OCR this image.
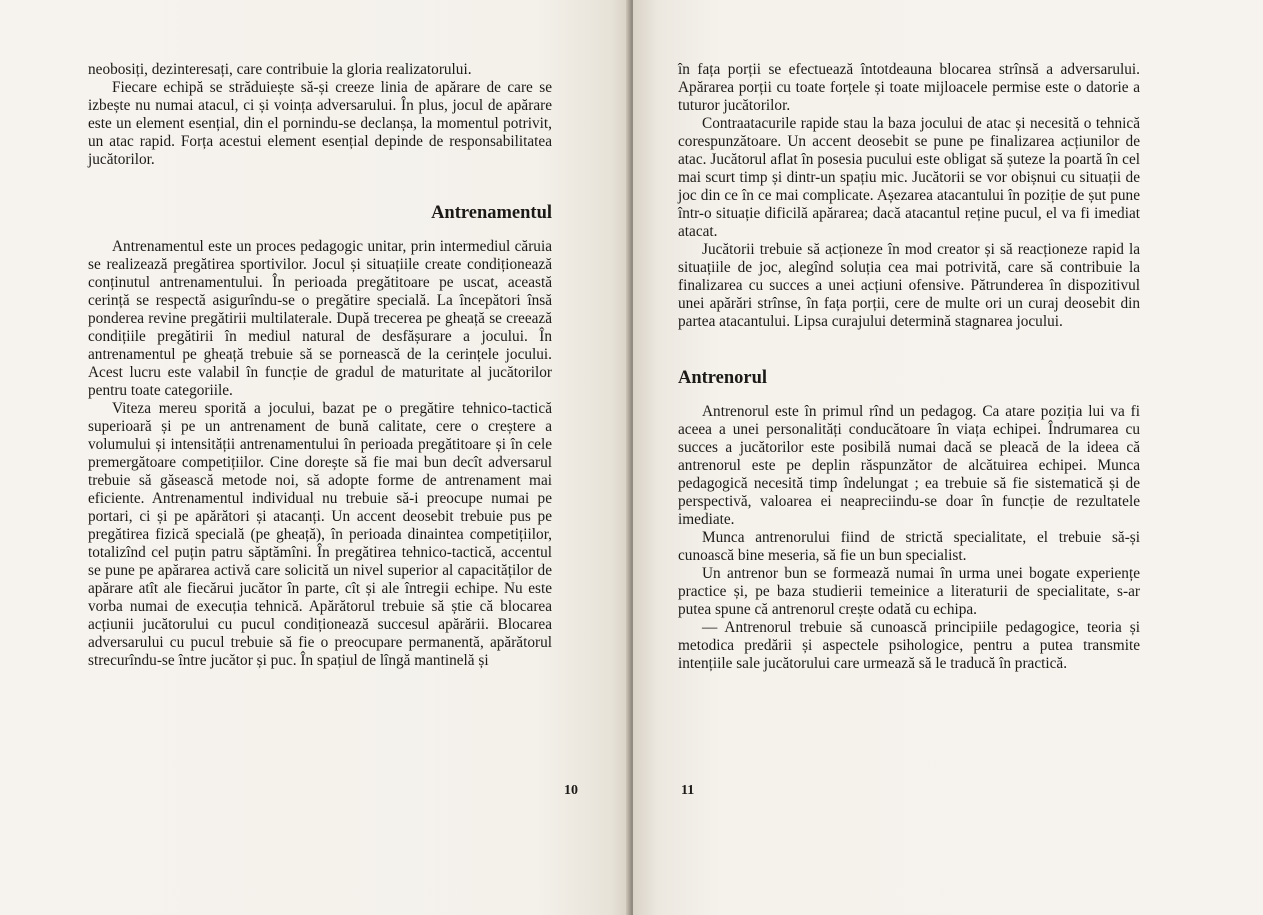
neobosiți, dezinteresați, care contribuie la gloria realizatorului.

Fiecare echipă se străduiește să-și creeze linia de apărare de care se izbește nu numai atacul, ci și voința adversarului. În plus, jocul de apărare este un element esențial, din el pornindu-se declanșa, la momentul potrivit, un atac rapid. Forța acestui element esențial depinde de responsabilitatea jucătorilor.

Antrenamentul

Antrenamentul este un proces pedagogic unitar, prin intermediul căruia se realizează pregătirea sportivilor. Jocul și situațiile create condiționează conținutul antrenamentului. În perioada pregătitoare pe uscat, această cerință se respectă asigurîndu-se o pregătire specială. La începători însă ponderea revine pregătirii multilaterale. După trecerea pe gheață se creează condițiile pregătirii în mediul natural de desfășurare a jocului. În antrenamentul pe gheață trebuie să se pornească de la cerințele jocului. Acest lucru este valabil în funcție de gradul de maturitate al jucătorilor pentru toate categoriile.

Viteza mereu sporită a jocului, bazat pe o pregătire tehnico-tactică superioară și pe un antrenament de bună calitate, cere o creștere a volumului și intensității antrenamentului în perioada pregătitoare și în cele premergătoare competițiilor. Cine dorește să fie mai bun decît adversarul trebuie să găsească metode noi, să adopte forme de antrenament mai eficiente. Antrenamentul individual nu trebuie să-i preocupe numai pe portari, ci și pe apărători și atacanți. Un accent deosebit trebuie pus pe pregătirea fizică specială (pe gheață), în perioada dinaintea competițiilor, totalizînd cel puțin patru săptămîni. În pregătirea tehnico-tactică, accentul se pune pe apărarea activă care solicită un nivel superior al capacităților de apărare atît ale fiecărui jucător în parte, cît și ale întregii echipe. Nu este vorba numai de execuția tehnică. Apărătorul trebuie să știe că blocarea acțiunii jucătorului cu pucul condiționează succesul apărării. Blocarea adversarului cu pucul trebuie să fie o preocupare permanentă, apărătorul strecurîndu-se între jucător și puc. În spațiul de lîngă mantinelă și

10

în fața porții se efectuează întotdeauna blocarea strînsă a adversarului. Apărarea porții cu toate forțele și toate mijloacele permise este o datorie a tuturor jucătorilor.

Contraatacurile rapide stau la baza jocului de atac și necesită o tehnică corespunzătoare. Un accent deosebit se pune pe finalizarea acțiunilor de atac. Jucătorul aflat în posesia pucului este obligat să șuteze la poartă în cel mai scurt timp și dintr-un spațiu mic. Jucătorii se vor obișnui cu situații de joc din ce în ce mai complicate. Așezarea atacantului în poziție de șut pune într-o situație dificilă apărarea; dacă atacantul reține pucul, el va fi imediat atacat.

Jucătorii trebuie să acționeze în mod creator și să reacționeze rapid la situațiile de joc, alegînd soluția cea mai potrivită, care să contribuie la finalizarea cu succes a unei acțiuni ofensive. Pătrunderea în dispozitivul unei apărări strînse, în fața porții, cere de multe ori un curaj deosebit din partea atacantului. Lipsa curajului determină stagnarea jocului.

Antrenorul

Antrenorul este în primul rînd un pedagog. Ca atare poziția lui va fi aceea a unei personalități conducătoare în viața echipei. Îndrumarea cu succes a jucătorilor este posibilă numai dacă se pleacă de la ideea că antrenorul este pe deplin răspunzător de alcătuirea echipei. Munca pedagogică necesită timp îndelungat ; ea trebuie să fie sistematică și de perspectivă, valoarea ei neapreciindu-se doar în funcție de rezultatele imediate.

Munca antrenorului fiind de strictă specialitate, el trebuie să-și cunoască bine meseria, să fie un bun specialist.

Un antrenor bun se formează numai în urma unei bogate experiențe practice și, pe baza studierii temeinice a literaturii de specialitate, s-ar putea spune că antrenorul crește odată cu echipa.

— Antrenorul trebuie să cunoască principiile pedagogice, teoria și metodica predării și aspectele psihologice, pentru a putea transmite intențiile sale jucătorului care urmează să le traducă în practică.

11
